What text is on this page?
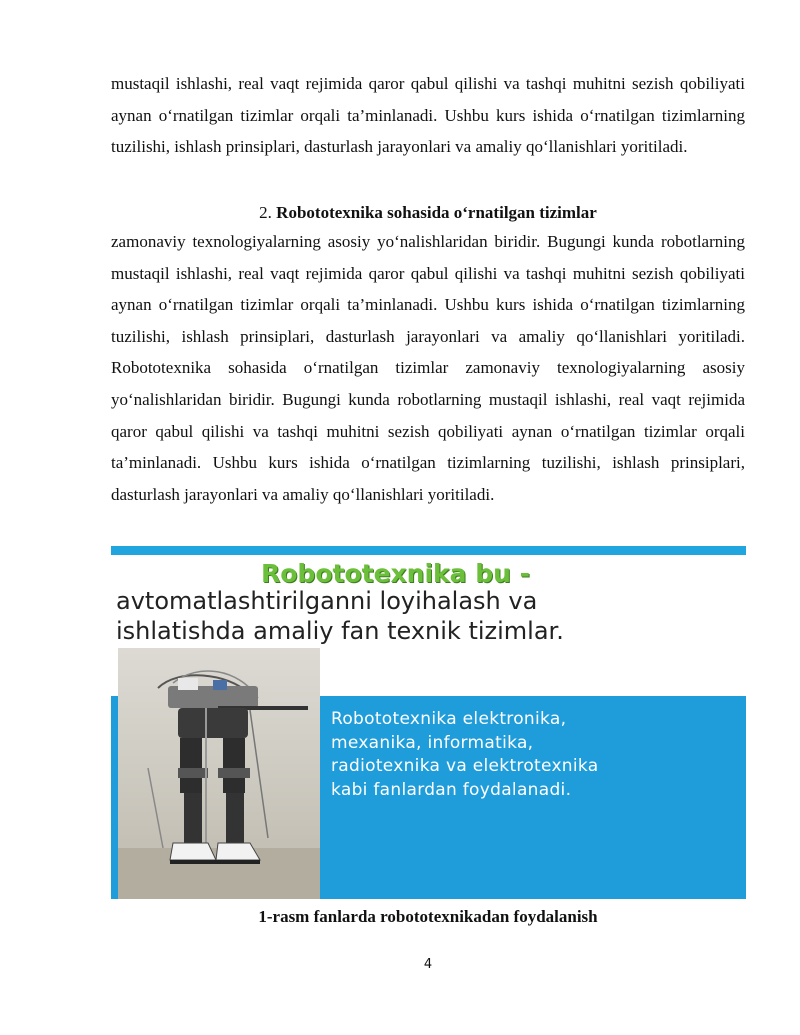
mustaqil ishlashi, real vaqt rejimida qaror qabul qilishi va tashqi muhitni sezish qobiliyati aynan o‘rnatilgan tizimlar orqali ta’minlanadi. Ushbu kurs ishida o‘rnatilgan tizimlarning tuzilishi, ishlash prinsiplari, dasturlash jarayonlari va amaliy qo‘llanishlari yoritiladi.

2. Robototexnika sohasida o‘rnatilgan tizimlar

zamonaviy texnologiyalarning asosiy yo‘nalishlaridan biridir. Bugungi kunda robotlarning mustaqil ishlashi, real vaqt rejimida qaror qabul qilishi va tashqi muhitni sezish qobiliyati aynan o‘rnatilgan tizimlar orqali ta’minlanadi. Ushbu kurs ishida o‘rnatilgan tizimlarning tuzilishi, ishlash prinsiplari, dasturlash jarayonlari va amaliy qo‘llanishlari yoritiladi. Robototexnika sohasida o‘rnatilgan tizimlar zamonaviy texnologiyalarning asosiy yo‘nalishlaridan biridir. Bugungi kunda robotlarning mustaqil ishlashi, real vaqt rejimida qaror qabul qilishi va tashqi muhitni sezish qobiliyati aynan o‘rnatilgan tizimlar orqali ta’minlanadi. Ushbu kurs ishida o‘rnatilgan tizimlarning tuzilishi, ishlash prinsiplari, dasturlash jarayonlari va amaliy qo‘llanishlari yoritiladi.

Robototexnika bu -

avtomatlashtirilganni loyihalash va
ishlatishda amaliy fan texnik tizimlar.

Robototexnika elektronika,
mexanika, informatika,
radiotexnika va elektrotexnika
kabi fanlardan foydalanadi.

1-rasm fanlarda robototexnikadan foydalanish

4
